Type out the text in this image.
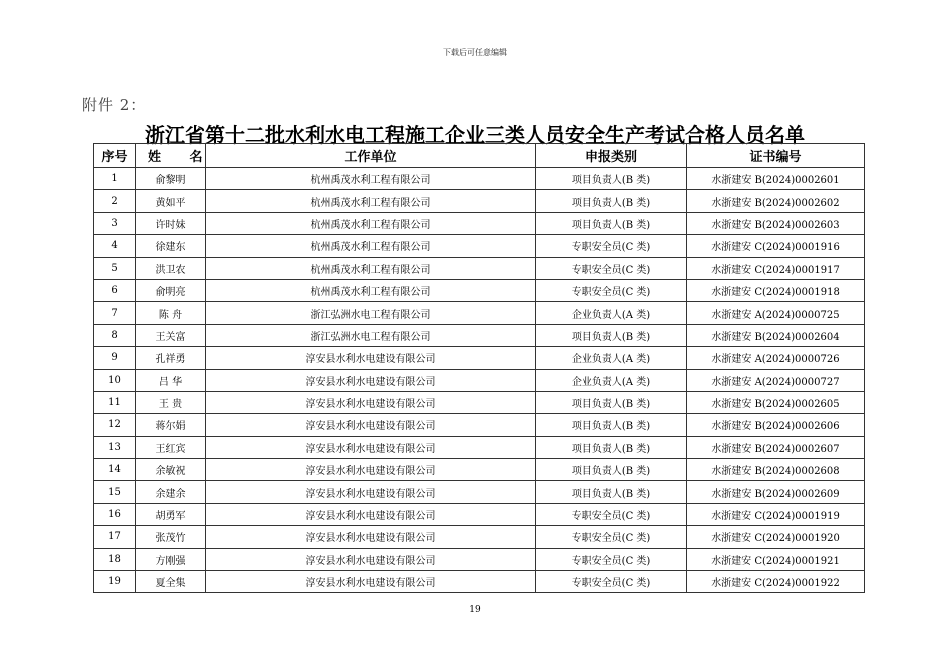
下载后可任意编辑
附件 2：
浙江省第十二批水利水电工程施工企业三类人员安全生产考试合格人员名单
序号	姓 名	工作单位	申报类别	证书编号
1	俞黎明	杭州禹茂水利工程有限公司	项目负责人(B 类)	水浙建安 B(2024)0002601
2	黄如平	杭州禹茂水利工程有限公司	项目负责人(B 类)	水浙建安 B(2024)0002602
3	许时妹	杭州禹茂水利工程有限公司	项目负责人(B 类)	水浙建安 B(2024)0002603
4	徐建东	杭州禹茂水利工程有限公司	专职安全员(C 类)	水浙建安 C(2024)0001916
5	洪卫农	杭州禹茂水利工程有限公司	专职安全员(C 类)	水浙建安 C(2024)0001917
6	俞明亮	杭州禹茂水利工程有限公司	专职安全员(C 类)	水浙建安 C(2024)0001918
7	陈 舟	浙江弘洲水电工程有限公司	企业负责人(A 类)	水浙建安 A(2024)0000725
8	王关富	浙江弘洲水电工程有限公司	项目负责人(B 类)	水浙建安 B(2024)0002604
9	孔祥勇	淳安县水利水电建设有限公司	企业负责人(A 类)	水浙建安 A(2024)0000726
10	吕 华	淳安县水利水电建设有限公司	企业负责人(A 类)	水浙建安 A(2024)0000727
11	王 贵	淳安县水利水电建设有限公司	项目负责人(B 类)	水浙建安 B(2024)0002605
12	蒋尔娟	淳安县水利水电建设有限公司	项目负责人(B 类)	水浙建安 B(2024)0002606
13	王红宾	淳安县水利水电建设有限公司	项目负责人(B 类)	水浙建安 B(2024)0002607
14	余敏祝	淳安县水利水电建设有限公司	项目负责人(B 类)	水浙建安 B(2024)0002608
15	余建余	淳安县水利水电建设有限公司	项目负责人(B 类)	水浙建安 B(2024)0002609
16	胡勇军	淳安县水利水电建设有限公司	专职安全员(C 类)	水浙建安 C(2024)0001919
17	张茂竹	淳安县水利水电建设有限公司	专职安全员(C 类)	水浙建安 C(2024)0001920
18	方刚强	淳安县水利水电建设有限公司	专职安全员(C 类)	水浙建安 C(2024)0001921
19	夏全集	淳安县水利水电建设有限公司	专职安全员(C 类)	水浙建安 C(2024)0001922
19
